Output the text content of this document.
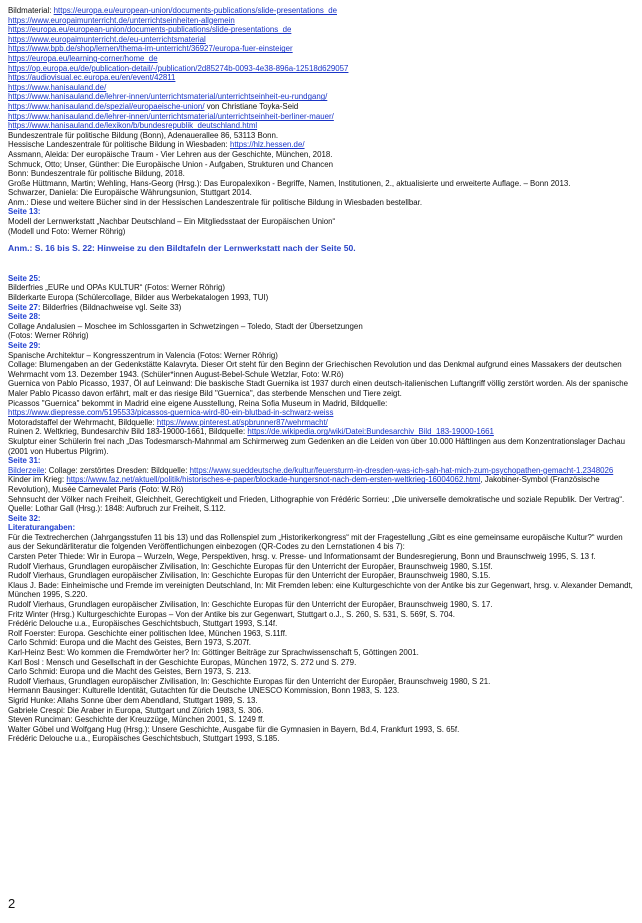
Bildmaterial: https://europa.eu/european-union/documents-publications/slide-presentations_de
https://www.europaimunterricht.de/unterrichtseinheiten-allgemein
https://europa.eu/european-union/documents-publications/slide-presentations_de
https://www.europaimunterricht.de/eu-unterrichtsmaterial
https://www.bpb.de/shop/lernen/thema-im-unterricht/36927/europa-fuer-einsteiger
https://europa.eu/learning-corner/home_de
https://op.europa.eu/de/publication-detail/-/publication/2d85274b-0093-4e38-896a-12518d629057
https://audiovisual.ec.europa.eu/en/event/42811
https://www.hanisauland.de/
https://www.hanisauland.de/lehrer-innen/unterrichtsmaterial/unterrichtseinheit-eu-rundgang/
https://www.hanisauland.de/spezial/europaeische-union/ von Christiane Toyka-Seid
https://www.hanisauland.de/lehrer-innen/unterrichtsmaterial/unterrichtseinheit-berliner-mauer/
https://www.hanisauland.de/lexikon/b/bundesrepublik_deutschland.html
Bundeszentrale für politische Bildung (Bonn), Adenauerallee 86, 53113 Bonn.
Hessische Landeszentrale für politische Bildung in Wiesbaden: https://hlz.hessen.de/
Assmann, Aleida: Der europäische Traum - Vier Lehren aus der Geschichte, München, 2018.
Schmuck, Otto; Unser, Günther: Die Europäische Union - Aufgaben, Strukturen und Chancen
Bonn: Bundeszentrale für politische Bildung, 2018.
Große Hüttmann, Martin; Wehling, Hans-Georg (Hrsg.): Das Europalexikon - Begriffe, Namen, Institutionen, 2., aktualisierte und erweiterte Auflage. – Bonn 2013.
Schwarzer, Daniela: Die Europäische Währungsunion, Stuttgart 2014.
Anm.: Diese und weitere Bücher sind in der Hessischen Landeszentrale für politische Bildung in Wiesbaden bestellbar.
Seite 13:
Modell der Lernwerkstatt „Nachbar Deutschland – Ein Mitgliedsstaat der Europäischen Union“
(Modell und Foto: Werner Röhrig)
Anm.: S. 16 bis S. 22: Hinweise zu den Bildtafeln der Lernwerkstatt nach der Seite 50.
Seite 25:
Bilderfries „EURe und OPAs KULTUR“ (Fotos: Werner Röhrig)
Bilderkarte Europa (Schülercollage, Bilder aus Werbekatalogen 1993, TUI)
Seite 27: Bilderfries (Bildnachweise vgl. Seite 33)
Seite 28:
Collage Andalusien – Moschee im Schlossgarten in Schwetzingen – Toledo, Stadt der Übersetzungen
(Fotos: Werner Röhrig)
Seite 29:
Spanische Architektur – Kongresszentrum in Valencia (Fotos: Werner Röhrig)
Collage: Blumengaben an der Gedenkstätte Kalavryta. Dieser Ort steht für den Beginn der Griechischen Revolution und das Denkmal aufgrund eines Massakers der deutschen Wehrmacht vom 13. Dezember 1943. (Schüler*innen August-Bebel-Schule Wetzlar, Foto: W.Rö)
Guernica von Pablo Picasso, 1937, Öl auf Leinwand: Die baskische Stadt Guernika ist 1937 durch einen deutsch-italienischen Luftangriff völlig zerstört worden. Als der spanische Maler Pablo Picasso davon erfährt, malt er das riesige Bild "Guernica", das sterbende Menschen und Tiere zeigt.
Picassos "Guernica" bekommt in Madrid eine eigene Ausstellung, Reina Sofia Museum in Madrid, Bildquelle:
https://www.diepresse.com/5195533/picassos-guernica-wird-80-ein-blutbad-in-schwarz-weiss
Motoradstaffel der Wehrmacht, Bildquelle: https://www.pinterest.at/spbrunner87/wehrmacht/
Ruinen 2. Weltkrieg, Bundesarchiv Bild 183-19000-1661, Bildquelle: https://de.wikipedia.org/wiki/Datei:Bundesarchiv_Bild_183-19000-1661
Skulptur einer Schülerin frei nach „Das Todesmarsch-Mahnmal am Schirmerweg zum Gedenken an die Leiden von über 10.000 Häftlingen aus dem Konzentrationslager Dachau (2001 von Hubertus Pilgrim).
Seite 31:
Bilderzeile: Collage: zerstörtes Dresden: Bildquelle: https://www.sueddeutsche.de/kultur/feuersturm-in-dresden-was-ich-sah-hat-mich-zum-psychopathen-gemacht-1.2348026
Kinder im Krieg: https://www.faz.net/aktuell/politik/historisches-e-paper/blockade-hungersnot-nach-dem-ersten-weltkrieg-16004062.html, Jakobiner-Symbol (Französische Revolution), Musée Carnevalet Paris (Foto: W.Rö)
Sehnsucht der Völker nach Freiheit, Gleichheit, Gerechtigkeit und Frieden, Lithographie von Frédéric Sorrieu: „Die universelle demokratische und soziale Republik. Der Vertrag“. Quelle: Lothar Gall (Hrsg.): 1848: Aufbruch zur Freiheit, S.112.
Seite 32:
Literaturangaben:
Für die Textrecherchen (Jahrgangsstufen 11 bis 13) und das Rollenspiel zum „Historikerkongress“ mit der Fragestellung „Gibt es eine gemeinsame europäische Kultur?“ wurden aus der Sekundärliteratur die folgenden Veröffentlichungen einbezogen (QR-Codes zu den Lernstationen 4 bis 7):
Carsten Peter Thiede: Wir in Europa – Wurzeln, Wege, Perspektiven, hrsg. v. Presse- und Informationsamt der Bundesregierung, Bonn und Braunschweig 1995, S. 13 f.
Rudolf Vierhaus, Grundlagen europäischer Zivilisation, In: Geschichte Europas für den Unterricht der Europäer, Braunschweig 1980, S.15f.
Rudolf Vierhaus, Grundlagen europäischer Zivilisation, In: Geschichte Europas für den Unterricht der Europäer, Braunschweig 1980, S.15.
Klaus J. Bade: Einheimische und Fremde im vereinigten Deutschland, In: Mit Fremden leben: eine Kulturgeschichte von der Antike bis zur Gegenwart, hrsg. v. Alexander Demandt, München 1995, S.220.
Rudolf Vierhaus, Grundlagen europäischer Zivilisation, In: Geschichte Europas für den Unterricht der Europäer, Braunschweig 1980, S. 17.
Fritz Winter (Hrsg.) Kulturgeschichte Europas – Von der Antike bis zur Gegenwart, Stuttgart o.J., S. 260, S. 531, S. 569f, S. 704.
Frédéric Delouche u.a., Europäisches Geschichtsbuch, Stuttgart 1993, S.14f.
Rolf Foerster: Europa. Geschichte einer politischen Idee, München 1963, S.11ff.
Carlo Schmid: Europa und die Macht des Geistes, Bern 1973, S.207f.
Karl-Heinz Best: Wo kommen die Fremdwörter her? In: Göttinger Beiträge zur Sprachwissenschaft 5, Göttingen 2001.
Karl Bosl : Mensch und Gesellschaft in der Geschichte Europas, München 1972, S. 272 und S. 279.
Carlo Schmid: Europa und die Macht des Geistes, Bern 1973, S. 213.
Rudolf Vierhaus, Grundlagen europäischer Zivilisation, In: Geschichte Europas für den Unterricht der Europäer, Braunschweig 1980, S 21.
Hermann Bausinger: Kulturelle Identität, Gutachten für die Deutsche UNESCO Kommission, Bonn 1983, S. 123.
Sigrid Hunke: Allahs Sonne über dem Abendland, Stuttgart 1989, S. 13.
Gabriele Crespi: Die Araber in Europa, Stuttgart und Zürich 1983, S. 306.
Steven Runciman: Geschichte der Kreuzzüge, München 2001, S. 1249 ff.
Walter Göbel und Wolfgang Hug (Hrsg.): Unsere Geschichte, Ausgabe für die Gymnasien in Bayern, Bd.4, Frankfurt 1993, S. 65f.
Frédéric Delouche u.a., Europäisches Geschichtsbuch, Stuttgart 1993, S.185.
2
